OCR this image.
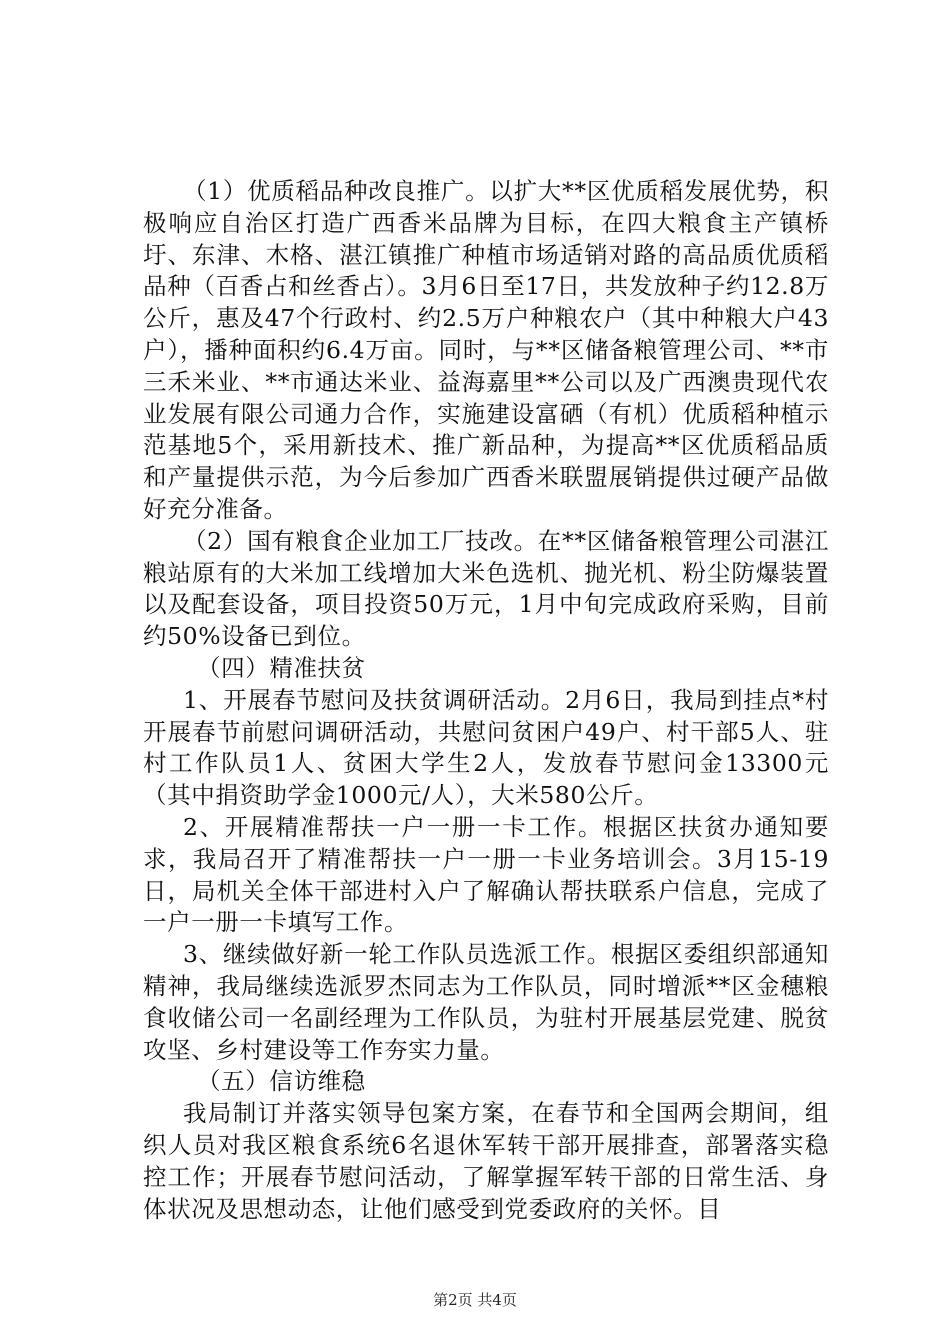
（1）优质稻品种改良推广。以扩大**区优质稻发展优势，积极响应自治区打造广西香米品牌为目标，在四大粮食主产镇桥圩、东津、木格、湛江镇推广种植市场适销对路的高品质优质稻品种（百香占和丝香占）。3月6日至17日，共发放种子约12.8万公斤，惠及47个行政村、约2.5万户种粮农户（其中种粮大户43户），播种面积约6.4万亩。同时，与**区储备粮管理公司、**市三禾米业、**市通达米业、益海嘉里**公司以及广西澳贵现代农业发展有限公司通力合作，实施建设富硒（有机）优质稻种植示范基地5个，采用新技术、推广新品种，为提高**区优质稻品质和产量提供示范，为今后参加广西香米联盟展销提供过硬产品做好充分准备。

（2）国有粮食企业加工厂技改。在**区储备粮管理公司湛江粮站原有的大米加工线增加大米色选机、抛光机、粉尘防爆装置以及配套设备，项目投资50万元，1月中旬完成政府采购，目前约50%设备已到位。

（四）精准扶贫

1、开展春节慰问及扶贫调研活动。2月6日，我局到挂点*村开展春节前慰问调研活动，共慰问贫困户49户、村干部5人、驻村工作队员1人、贫困大学生2人，发放春节慰问金13300元（其中捐资助学金1000元/人），大米580公斤。

2、开展精准帮扶一户一册一卡工作。根据区扶贫办通知要求，我局召开了精准帮扶一户一册一卡业务培训会。3月15-19日，局机关全体干部进村入户了解确认帮扶联系户信息，完成了一户一册一卡填写工作。

3、继续做好新一轮工作队员选派工作。根据区委组织部通知精神，我局继续选派罗杰同志为工作队员，同时增派**区金穗粮食收储公司一名副经理为工作队员，为驻村开展基层党建、脱贫攻坚、乡村建设等工作夯实力量。

（五）信访维稳

我局制订并落实领导包案方案，在春节和全国两会期间，组织人员对我区粮食系统6名退休军转干部开展排查，部署落实稳控工作；开展春节慰问活动，了解掌握军转干部的日常生活、身体状况及思想动态，让他们感受到党委政府的关怀。目

第2页 共4页
